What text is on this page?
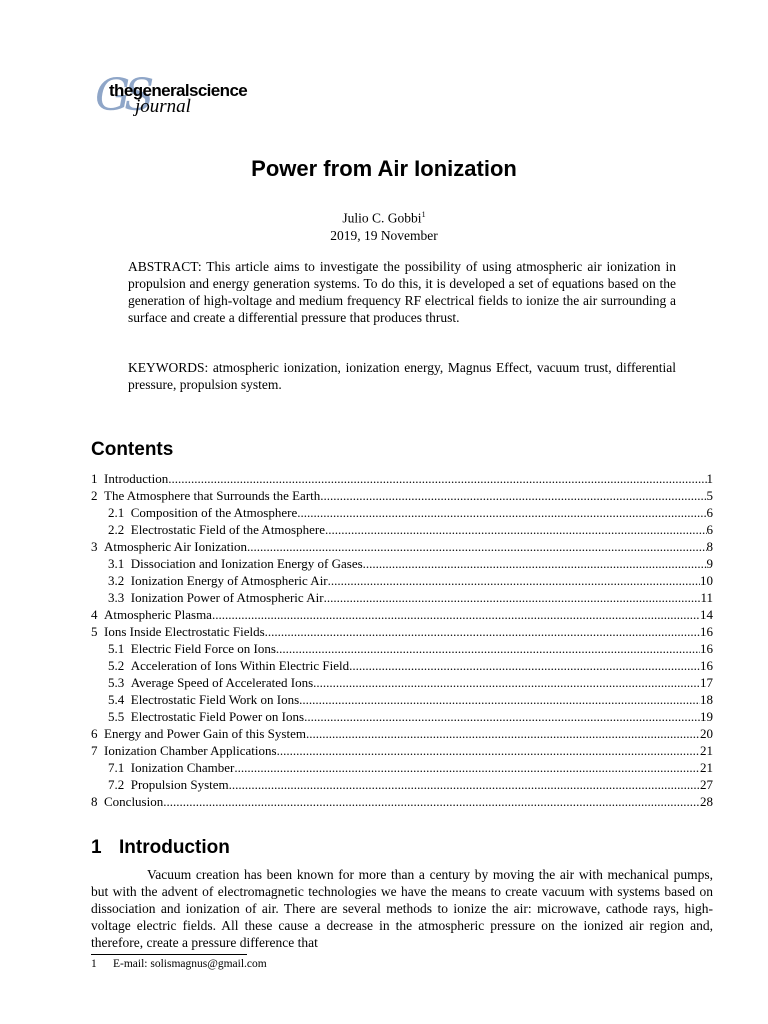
GS
thegeneralscience
journal
Power from Air Ionization
Julio C. Gobbi$^1$
2019, 19 November
ABSTRACT: This article aims to investigate the possibility of using atmospheric air ionization in propulsion and energy generation systems. To do this, it is developed a set of equations based on the generation of high-voltage and medium frequency RF electrical fields to ionize the air surrounding a surface and create a differential pressure that produces thrust.
KEYWORDS: atmospheric ionization, ionization energy, Magnus Effect, vacuum trust, differential pressure, propulsion system.
Contents
1 Introduction .....	1
2 The Atmosphere that Surrounds the Earth .....	5
2.1 Composition of the Atmosphere .....	6
2.2 Electrostatic Field of the Atmosphere .....	6
3 Atmospheric Air Ionization .....	8
3.1 Dissociation and Ionization Energy of Gases .....	9
3.2 Ionization Energy of Atmospheric Air .....	10
3.3 Ionization Power of Atmospheric Air .....	11
4 Atmospheric Plasma .....	14
5 Ions Inside Electrostatic Fields .....	16
5.1 Electric Field Force on Ions .....	16
5.2 Acceleration of Ions Within Electric Field .....	16
5.3 Average Speed of Accelerated Ions .....	17
5.4 Electrostatic Field Work on Ions .....	18
5.5 Electrostatic Field Power on Ions .....	19
6 Energy and Power Gain of this System .....	20
7 Ionization Chamber Applications .....	21
7.1 Ionization Chamber .....	21
7.2 Propulsion System .....	27
8 Conclusion .....	28
1 Introduction
Vacuum creation has been known for more than a century by moving the air with mechanical pumps, but with the advent of electromagnetic technologies we have the means to create vacuum with systems based on dissociation and ionization of air. There are several methods to ionize the air: microwave, cathode rays, high-voltage electric fields. All these cause a decrease in the atmospheric pressure on the ionized air region and, therefore, create a pressure difference that
1 E-mail: solismagnus@gmail.com
